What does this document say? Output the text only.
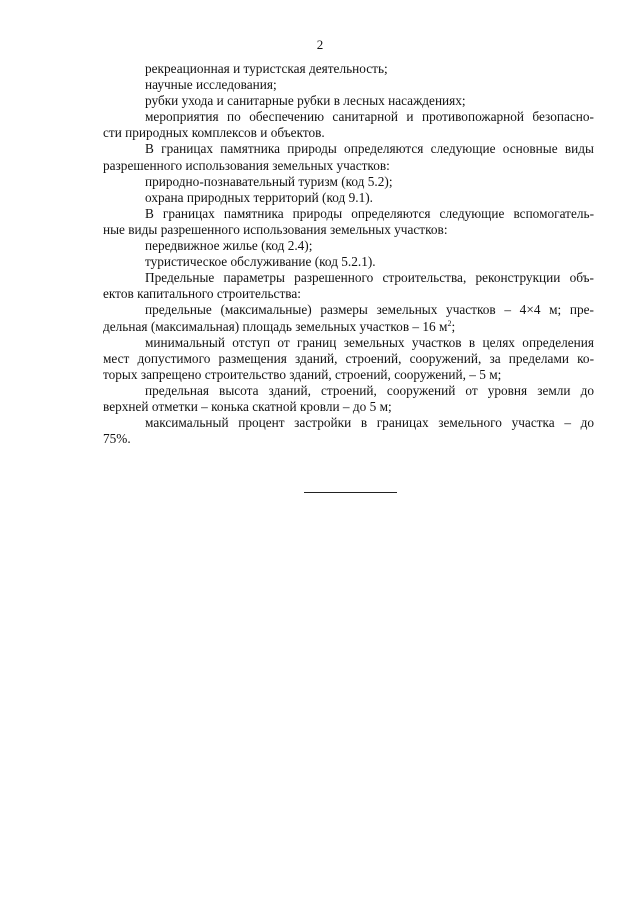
2
рекреационная и туристская деятельность;
научные исследования;
рубки ухода и санитарные рубки в лесных насаждениях;
мероприятия по обеспечению санитарной и противопожарной безопасно-
сти природных комплексов и объектов.
В границах памятника природы определяются следующие основные виды
разрешенного использования земельных участков:
природно-познавательный туризм (код 5.2);
охрана природных территорий (код 9.1).
В границах памятника природы определяются следующие вспомогатель-
ные виды разрешенного использования земельных участков:
передвижное жилье (код 2.4);
туристическое обслуживание (код 5.2.1).
Предельные параметры разрешенного строительства, реконструкции объ-
ектов капитального строительства:
предельные (максимальные) размеры земельных участков – 4×4 м; пре-
дельная (максимальная) площадь земельных участков – 16 $м^2$;
минимальный отступ от границ земельных участков в целях определения
мест допустимого размещения зданий, строений, сооружений, за пределами ко-
торых запрещено строительство зданий, строений, сооружений, – 5 м;
предельная высота зданий, строений, сооружений от уровня земли до
верхней отметки – конька скатной кровли – до 5 м;
максимальный процент застройки в границах земельного участка – до
75%.
